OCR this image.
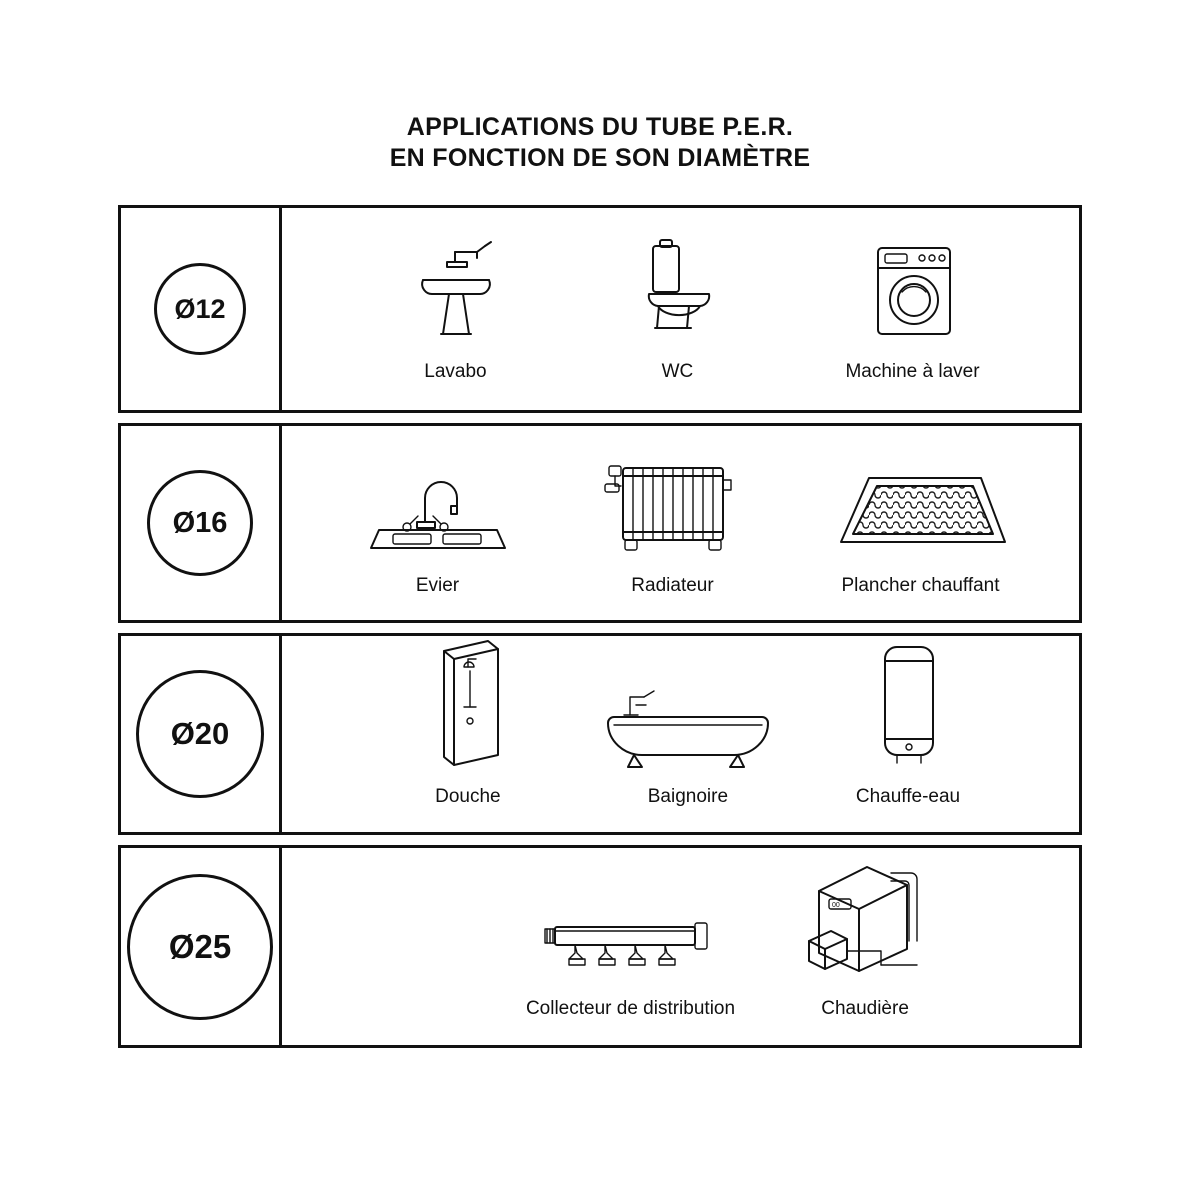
APPLICATIONS DU TUBE P.E.R.
EN FONCTION DE SON DIAMÈTRE
Ø12
Lavabo	WC	Machine à laver
Ø16
Evier	Radiateur	Plancher chauffant
Ø20
Douche	Baignoire	Chauffe-eau
Ø25
Collecteur de distribution
00
Chaudière
